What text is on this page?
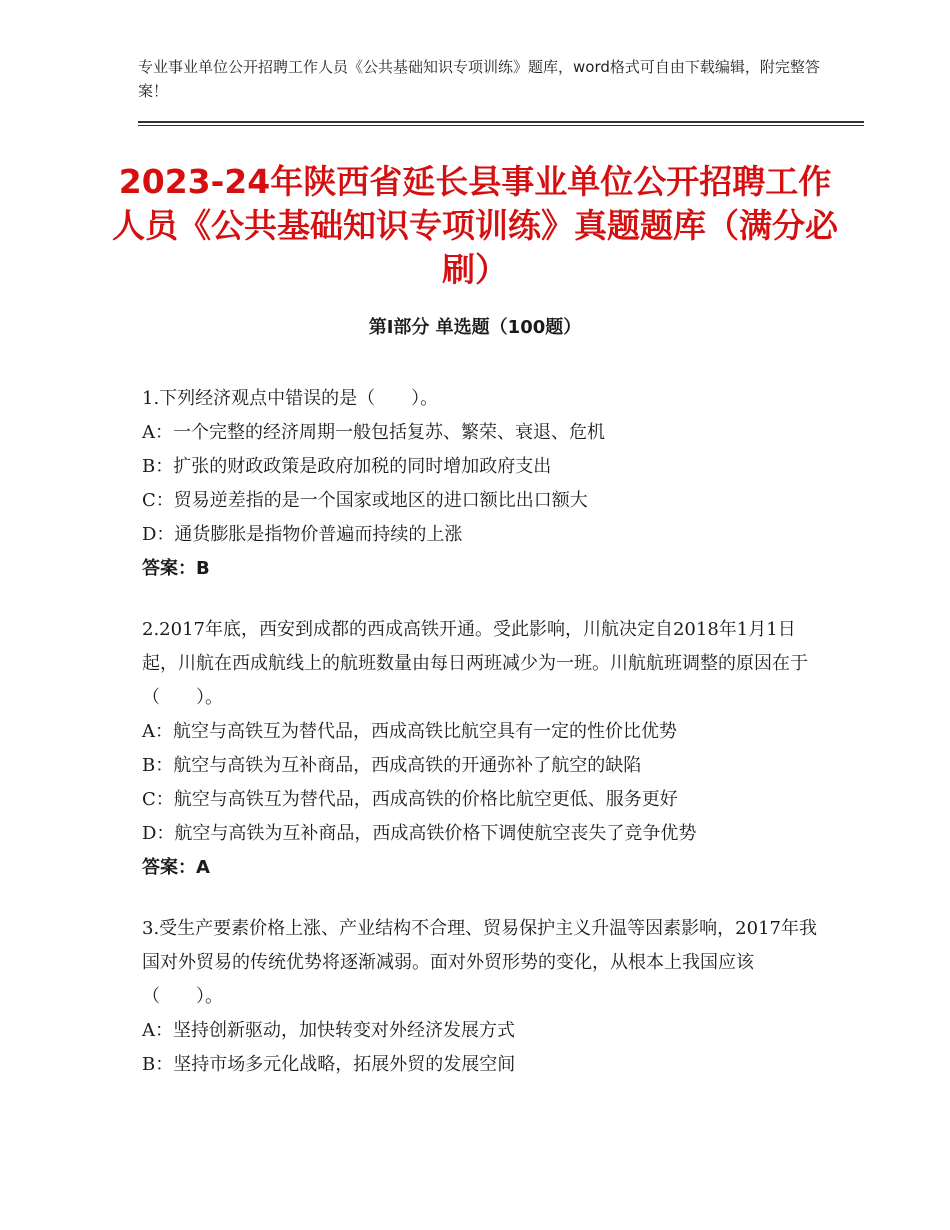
专业事业单位公开招聘工作人员《公共基础知识专项训练》题库，word格式可自由下载编辑，附完整答案！
2023-24年陕西省延长县事业单位公开招聘工作人员《公共基础知识专项训练》真题题库（满分必刷）
第Ⅰ部分 单选题（100题）
1.下列经济观点中错误的是（　　）。
A：一个完整的经济周期一般包括复苏、繁荣、衰退、危机
B：扩张的财政政策是政府加税的同时增加政府支出
C：贸易逆差指的是一个国家或地区的进口额比出口额大
D：通货膨胀是指物价普遍而持续的上涨
答案：B
2.2017年底，西安到成都的西成高铁开通。受此影响，川航决定自2018年1月1日起，川航在西成航线上的航班数量由每日两班减少为一班。川航航班调整的原因在于（　　）。
A：航空与高铁互为替代品，西成高铁比航空具有一定的性价比优势
B：航空与高铁为互补商品，西成高铁的开通弥补了航空的缺陷
C：航空与高铁互为替代品，西成高铁的价格比航空更低、服务更好
D：航空与高铁为互补商品，西成高铁价格下调使航空丧失了竞争优势
答案：A
3.受生产要素价格上涨、产业结构不合理、贸易保护主义升温等因素影响，2017年我国对外贸易的传统优势将逐渐减弱。面对外贸形势的变化，从根本上我国应该（　　）。
A：坚持创新驱动，加快转变对外经济发展方式
B：坚持市场多元化战略，拓展外贸的发展空间
